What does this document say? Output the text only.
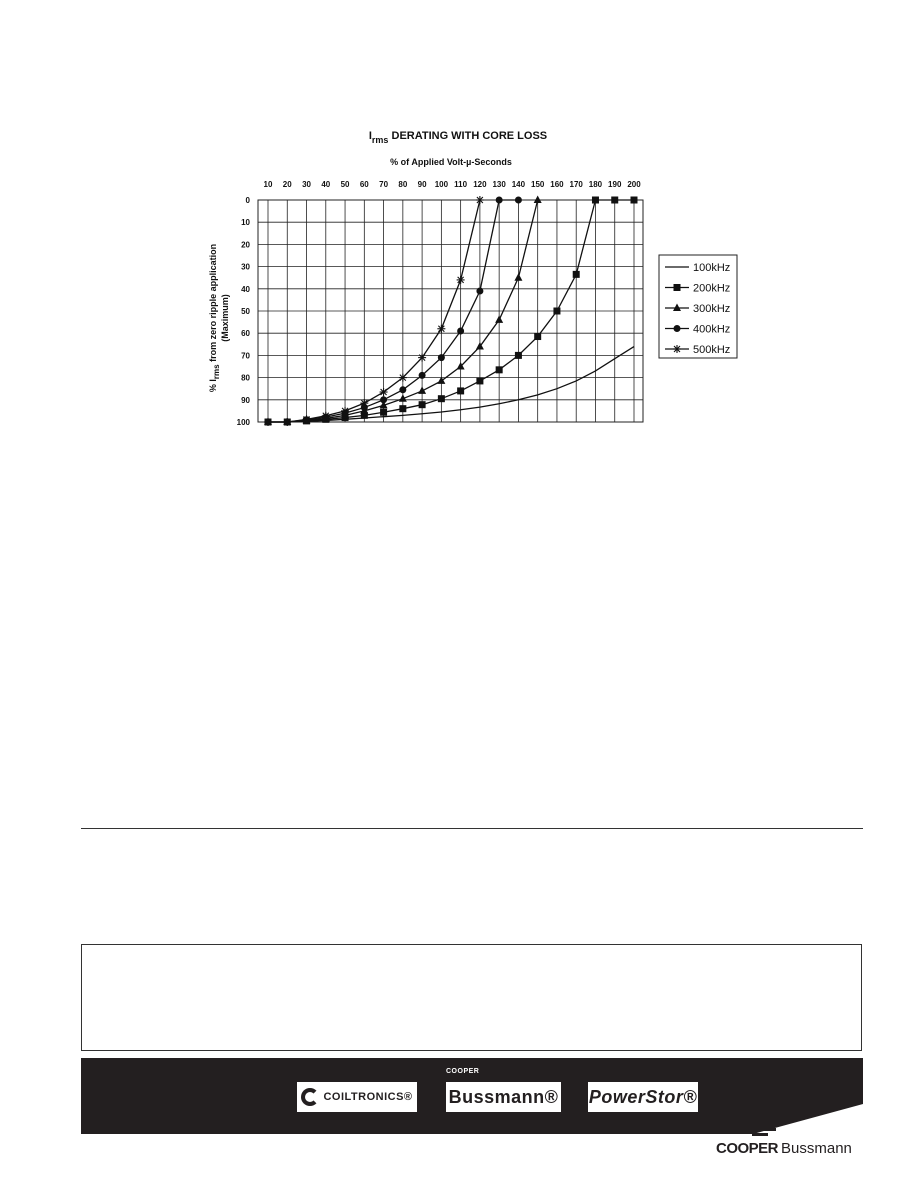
$I_{rms}$ DERATING WITH CORE LOSS
% of Applied Volt-µ-Seconds
% Irms from zero ripple application (Maximum)
10 20 30 40 50 60 70 80 90 100 110 120 130 140 150 160 170 180 190 200
0
10
20
30
40
50
60
70
80
90
100
100kHz
200kHz
300kHz
400kHz
500kHz
COOPER
COILTRONICS® Bussmann® PowerStor®
COOPER Bussmann
